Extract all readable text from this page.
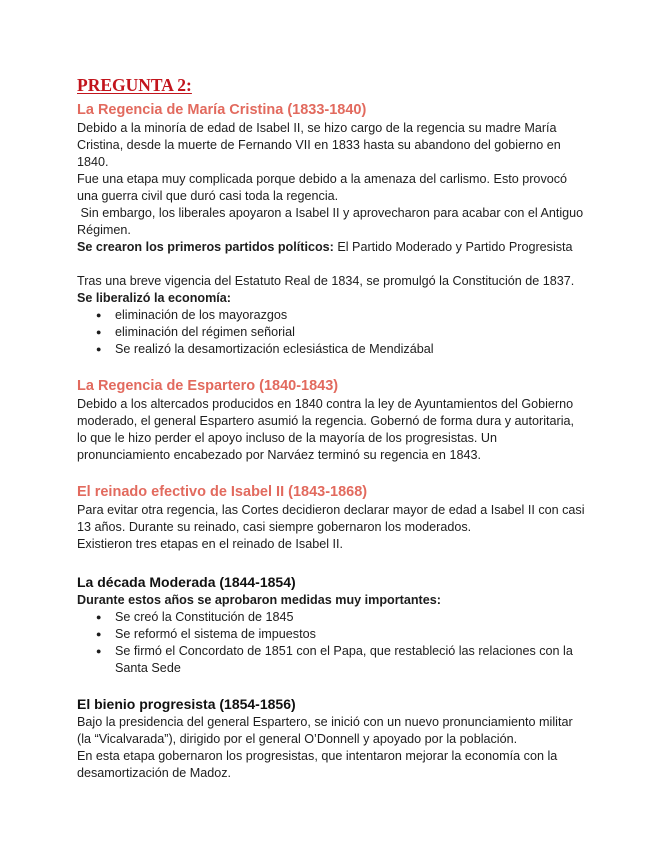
PREGUNTA 2:
La Regencia de María Cristina (1833-1840)

Debido a la minoría de edad de Isabel II, se hizo cargo de la regencia su madre María Cristina, desde la muerte de Fernando VII en 1833 hasta su abandono del gobierno en 1840.

Fue una etapa muy complicada porque debido a la amenaza del carlismo. Esto provocó una guerra civil que duró casi toda la regencia.

Sin embargo, los liberales apoyaron a Isabel II y aprovecharon para acabar con el Antiguo Régimen.

Se crearon los primeros partidos políticos: El Partido Moderado y Partido Progresista

Tras una breve vigencia del Estatuto Real de 1834, se promulgó la Constitución de 1837.

Se liberalizó la economía:

● eliminación de los mayorazgos
● eliminación del régimen señorial
● Se realizó la desamortización eclesiástica de Mendizábal
La Regencia de Espartero (1840-1843)

Debido a los altercados producidos en 1840 contra la ley de Ayuntamientos del Gobierno moderado, el general Espartero asumió la regencia. Gobernó de forma dura y autoritaria, lo que le hizo perder el apoyo incluso de la mayoría de los progresistas. Un pronunciamiento encabezado por Narváez terminó su regencia en 1843.

El reinado efectivo de Isabel II (1843-1868)

Para evitar otra regencia, las Cortes decidieron declarar mayor de edad a Isabel II con casi 13 años. Durante su reinado, casi siempre gobernaron los moderados.

Existieron tres etapas en el reinado de Isabel II.

La década Moderada (1844-1854)

Durante estos años se aprobaron medidas muy importantes:

● Se creó la Constitución de 1845
● Se reformó el sistema de impuestos
● Se firmó el Concordato de 1851 con el Papa, que restableció las relaciones con la Santa Sede
El bienio progresista (1854-1856)

Bajo la presidencia del general Espartero, se inició con un nuevo pronunciamiento militar (la “Vicalvarada”), dirigido por el general O’Donnell y apoyado por la población.

En esta etapa gobernaron los progresistas, que intentaron mejorar la economía con la desamortización de Madoz.
